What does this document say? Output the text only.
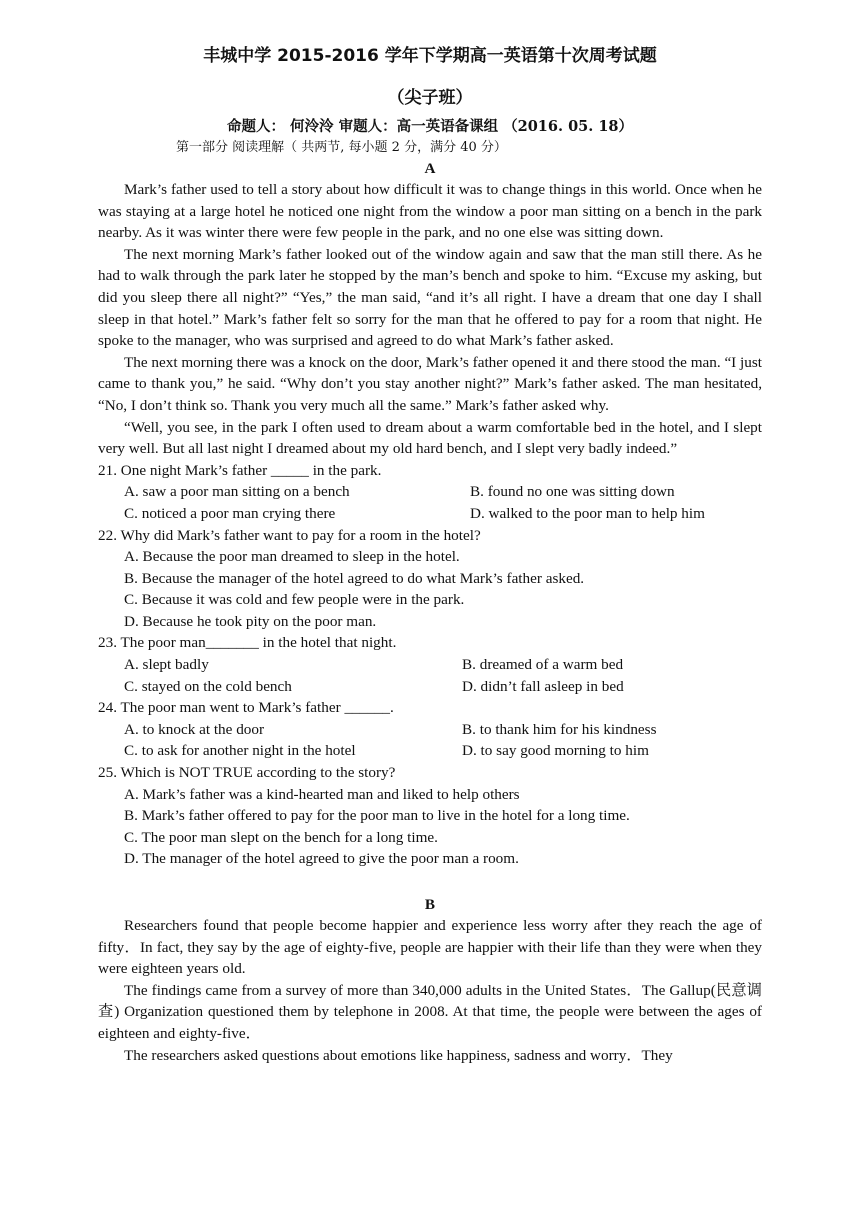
丰城中学 2015-2016 学年下学期高一英语第十次周考试题
（尖子班）
命题人： 何泠泠 审题人：高一英语备课组 （2016. 05. 18）
第一部分 阅读理解（ 共两节, 每小题 2 分，满分 40 分）
A

Mark’s father used to tell a story about how difficult it was to change things in this world. Once when he was staying at a large hotel he noticed one night from the window a poor man sitting on a bench in the park nearby. As it was winter there were few people in the park, and no one else was sitting down.

The next morning Mark’s father looked out of the window again and saw that the man still there. As he had to walk through the park later he stopped by the man’s bench and spoke to him. “Excuse my asking, but did you sleep there all night?” “Yes,” the man said, “and it’s all right. I have a dream that one day I shall sleep in that hotel.” Mark’s father felt so sorry for the man that he offered to pay for a room that night. He spoke to the manager, who was surprised and agreed to do what Mark’s father asked.

The next morning there was a knock on the door, Mark’s father opened it and there stood the man. “I just came to thank you,” he said. “Why don’t you stay another night?” Mark’s father asked. The man hesitated, “No, I don’t think so. Thank you very much all the same.” Mark’s father asked why.

“Well, you see, in the park I often used to dream about a warm comfortable bed in the hotel, and I slept very well. But all last night I dreamed about my old hard bench, and I slept very badly indeed.”

21. One night Mark’s father _____ in the park.
A. saw a poor man sitting on a bench	B. found no one was sitting down
C. noticed a poor man crying there	D. walked to the poor man to help him
22. Why did Mark’s father want to pay for a room in the hotel?
A. Because the poor man dreamed to sleep in the hotel.
B. Because the manager of the hotel agreed to do what Mark’s father asked.
C. Because it was cold and few people were in the park.
D. Because he took pity on the poor man.
23. The poor man_______ in the hotel that night.
A. slept badly	B. dreamed of a warm bed
C. stayed on the cold bench	D. didn’t fall asleep in bed
24. The poor man went to Mark’s father ______.
A. to knock at the door	B. to thank him for his kindness
C. to ask for another night in the hotel	D. to say good morning to him
25. Which is NOT TRUE according to the story?
A. Mark’s father was a kind-hearted man and liked to help others
B. Mark’s father offered to pay for the poor man to live in the hotel for a long time.
C. The poor man slept on the bench for a long time.
D. The manager of the hotel agreed to give the poor man a room.
B

Researchers found that people become happier and experience less worry after they reach the age of fifty．In fact, they say by the age of eighty-five, people are happier with their life than they were when they were eighteen years old.

The findings came from a survey of more than 340,000 adults in the United States．The Gallup(民意调查) Organization questioned them by telephone in 2008. At that time, the people were between the ages of eighteen and eighty-five．

The researchers asked questions about emotions like happiness, sadness and worry．They
